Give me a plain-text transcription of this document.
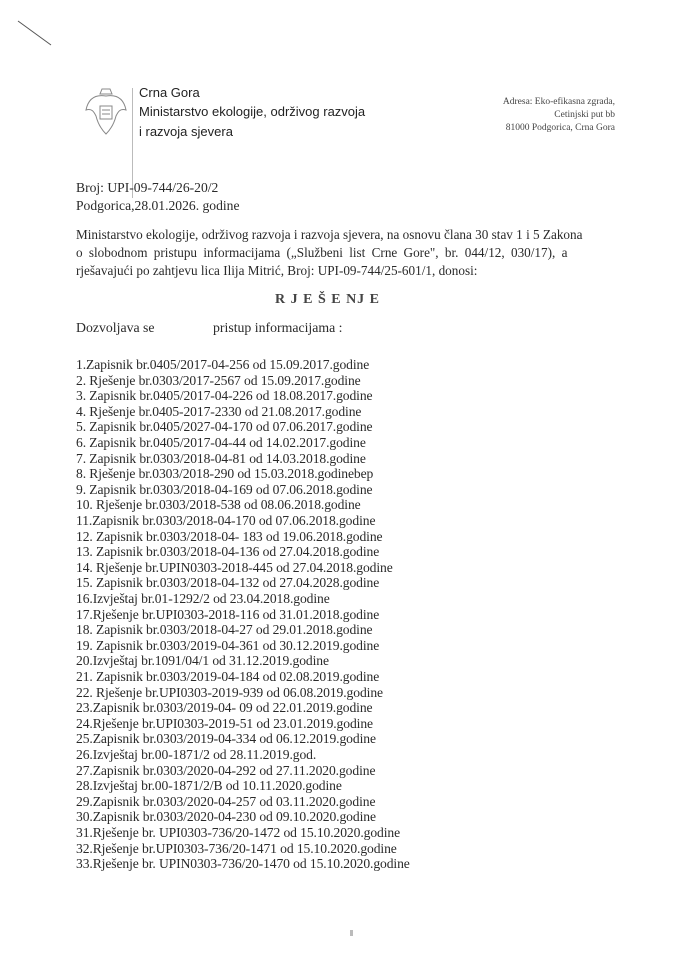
Crna Gora
Ministarstvo ekologije, održivog razvoja
i razvoja sjevera
Adresa: Eko-efikasna zgrada,
Cetinjski put bb
81000 Podgorica, Crna Gora
Broj: UPI-09-744/26-20/2
Podgorica,28.01.2026. godine
Ministarstvo ekologije, održivog razvoja i razvoja sjevera, na osnovu člana 30 stav 1 i 5 Zakona
o slobodnom pristupu informacijama („Službeni list Crne Gore", br. 044/12, 030/17), a
rješavajući po zahtjevu lica Ilija Mitrić, Broj: UPI-09-744/25-601/1, donosi:
R J E Š E NJ E
Dozvoljava se	pristup informacijama :
1.Zapisnik br.0405/2017-04-256 od 15.09.2017.godine
2. Rješenje br.0303/2017-2567 od 15.09.2017.godine
3. Zapisnik br.0405/2017-04-226 od 18.08.2017.godine
4. Rješenje br.0405-2017-2330 od 21.08.2017.godine
5. Zapisnik br.0405/2027-04-170 od 07.06.2017.godine
6. Zapisnik br.0405/2017-04-44 od 14.02.2017.godine
7. Zapisnik br.0303/2018-04-81 od 14.03.2018.godine
8. Rješenje br.0303/2018-290 od 15.03.2018.godinebep
9. Zapisnik br.0303/2018-04-169 od 07.06.2018.godine
10. Rješenje br.0303/2018-538 od 08.06.2018.godine
11.Zapisnik br.0303/2018-04-170 od 07.06.2018.godine
12. Zapisnik br.0303/2018-04- 183 od 19.06.2018.godine
13. Zapisnik br.0303/2018-04-136 od 27.04.2018.godine
14. Rješenje br.UPIN0303-2018-445 od 27.04.2018.godine
15. Zapisnik br.0303/2018-04-132 od 27.04.2028.godine
16.Izvještaj br.01-1292/2 od 23.04.2018.godine
17.Rješenje br.UPI0303-2018-116 od 31.01.2018.godine
18. Zapisnik br.0303/2018-04-27 od 29.01.2018.godine
19. Zapisnik br.0303/2019-04-361 od 30.12.2019.godine
20.Izvještaj br.1091/04/1 od 31.12.2019.godine
21. Zapisnik br.0303/2019-04-184 od 02.08.2019.godine
22. Rješenje br.UPI0303-2019-939 od 06.08.2019.godine
23.Zapisnik br.0303/2019-04- 09 od 22.01.2019.godine
24.Rješenje br.UPI0303-2019-51 od 23.01.2019.godine
25.Zapisnik br.0303/2019-04-334 od 06.12.2019.godine
26.Izvještaj br.00-1871/2 od 28.11.2019.god.
27.Zapisnik br.0303/2020-04-292 od 27.11.2020.godine
28.Izvještaj br.00-1871/2/B od 10.11.2020.godine
29.Zapisnik br.0303/2020-04-257 od 03.11.2020.godine
30.Zapisnik br.0303/2020-04-230 od 09.10.2020.godine
31.Rješenje br. UPI0303-736/20-1472 od 15.10.2020.godine
32.Rješenje br.UPI0303-736/20-1471 od 15.10.2020.godine
33.Rješenje br. UPIN0303-736/20-1470 od 15.10.2020.godine
